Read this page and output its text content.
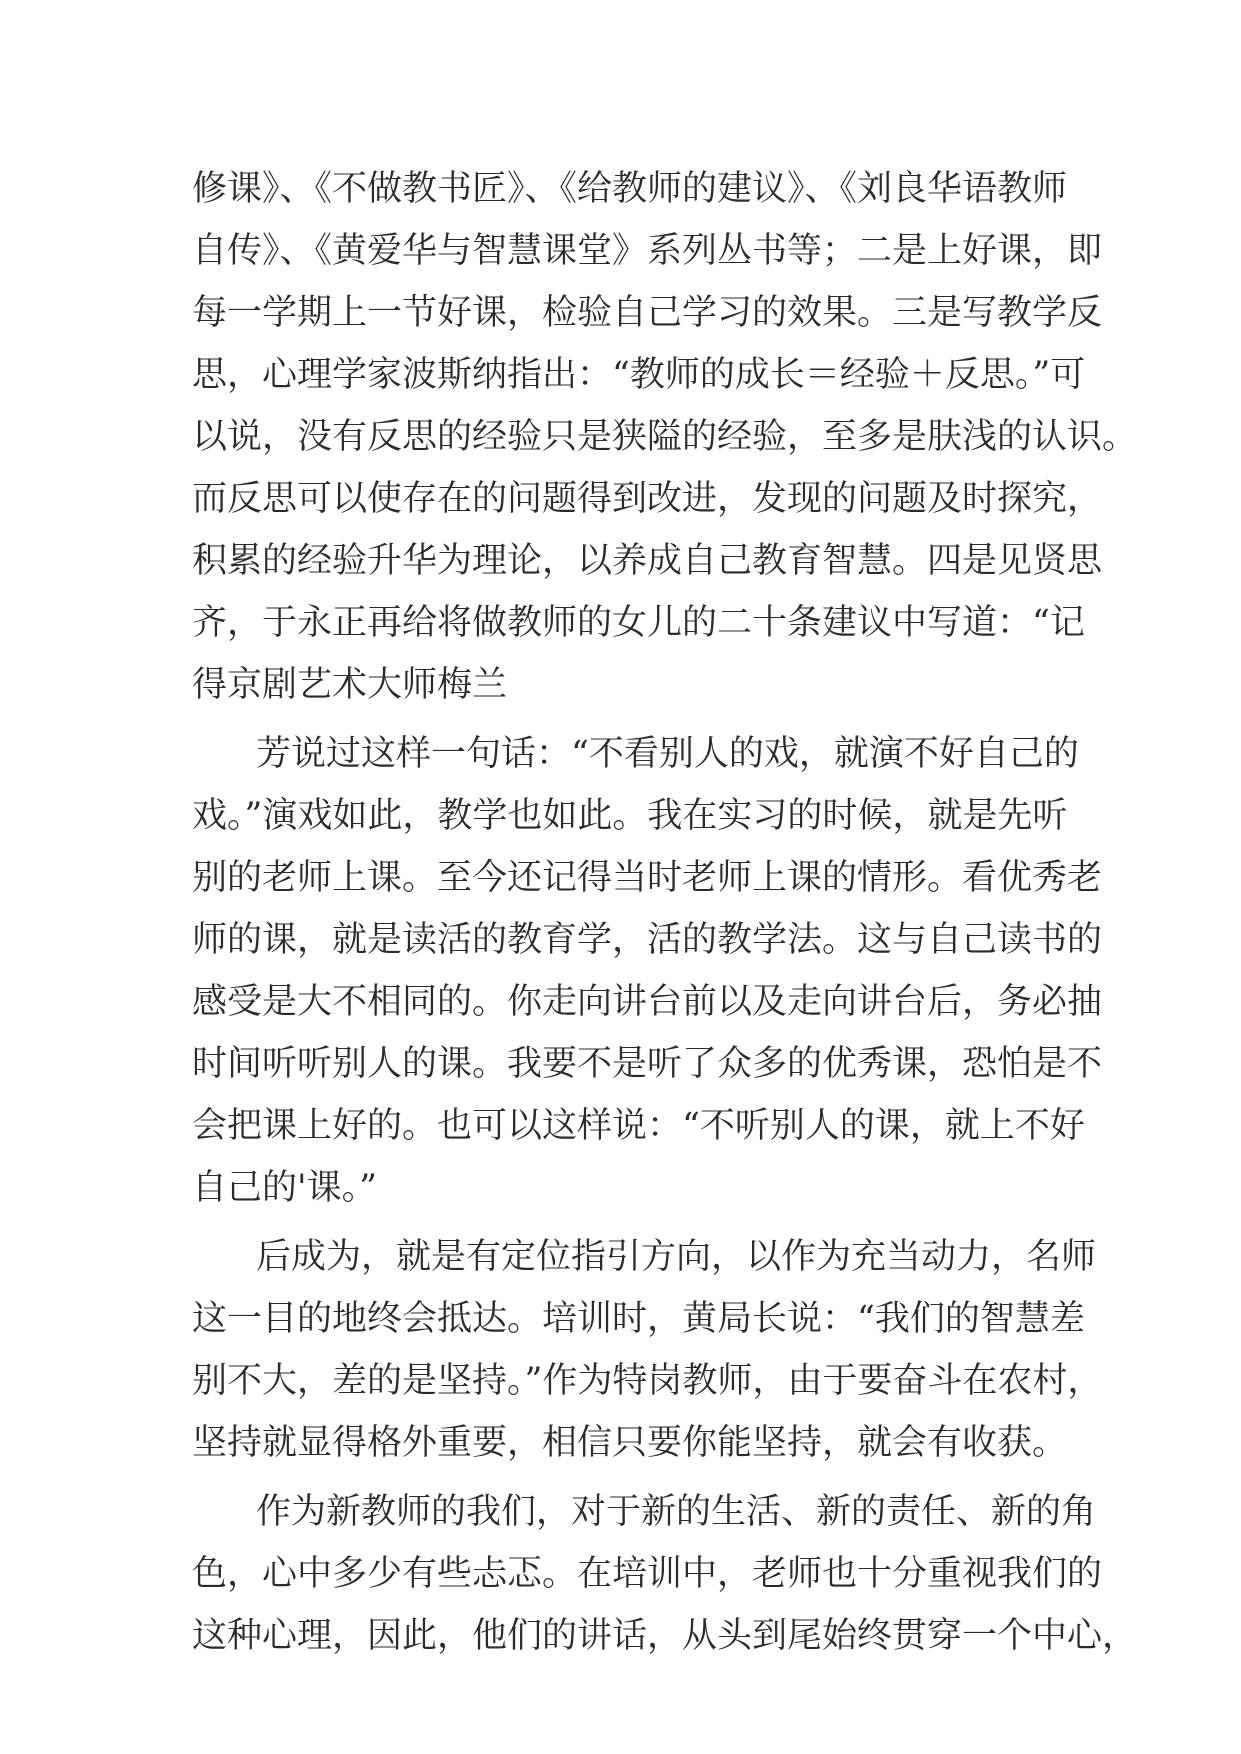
修课》、《不做教书匠》、《给教师的建议》、《刘良华语教师
自传》、《黄爱华与智慧课堂》系列丛书等；二是上好课，即
每一学期上一节好课，检验自己学习的效果。三是写教学反
思，心理学家波斯纳指出：“教师的成长＝经验＋反思。”可
以说，没有反思的经验只是狭隘的经验，至多是肤浅的认识。
而反思可以使存在的问题得到改进，发现的问题及时探究，
积累的经验升华为理论，以养成自己教育智慧。四是见贤思
齐，于永正再给将做教师的女儿的二十条建议中写道：“记
得京剧艺术大师梅兰
芳说过这样一句话：“不看别人的戏，就演不好自己的
戏。”演戏如此，教学也如此。我在实习的时候，就是先听
别的老师上课。至今还记得当时老师上课的情形。看优秀老
师的课，就是读活的教育学，活的教学法。这与自己读书的
感受是大不相同的。你走向讲台前以及走向讲台后，务必抽
时间听听别人的课。我要不是听了众多的优秀课，恐怕是不
会把课上好的。也可以这样说：“不听别人的课，就上不好
自己的'课。”
后成为，就是有定位指引方向，以作为充当动力，名师
这一目的地终会抵达。培训时，黄局长说：“我们的智慧差
别不大，差的是坚持。”作为特岗教师，由于要奋斗在农村，
坚持就显得格外重要，相信只要你能坚持，就会有收获。
作为新教师的我们，对于新的生活、新的责任、新的角
色，心中多少有些忐忑。在培训中，老师也十分重视我们的
这种心理，因此，他们的讲话，从头到尾始终贯穿一个中心，
